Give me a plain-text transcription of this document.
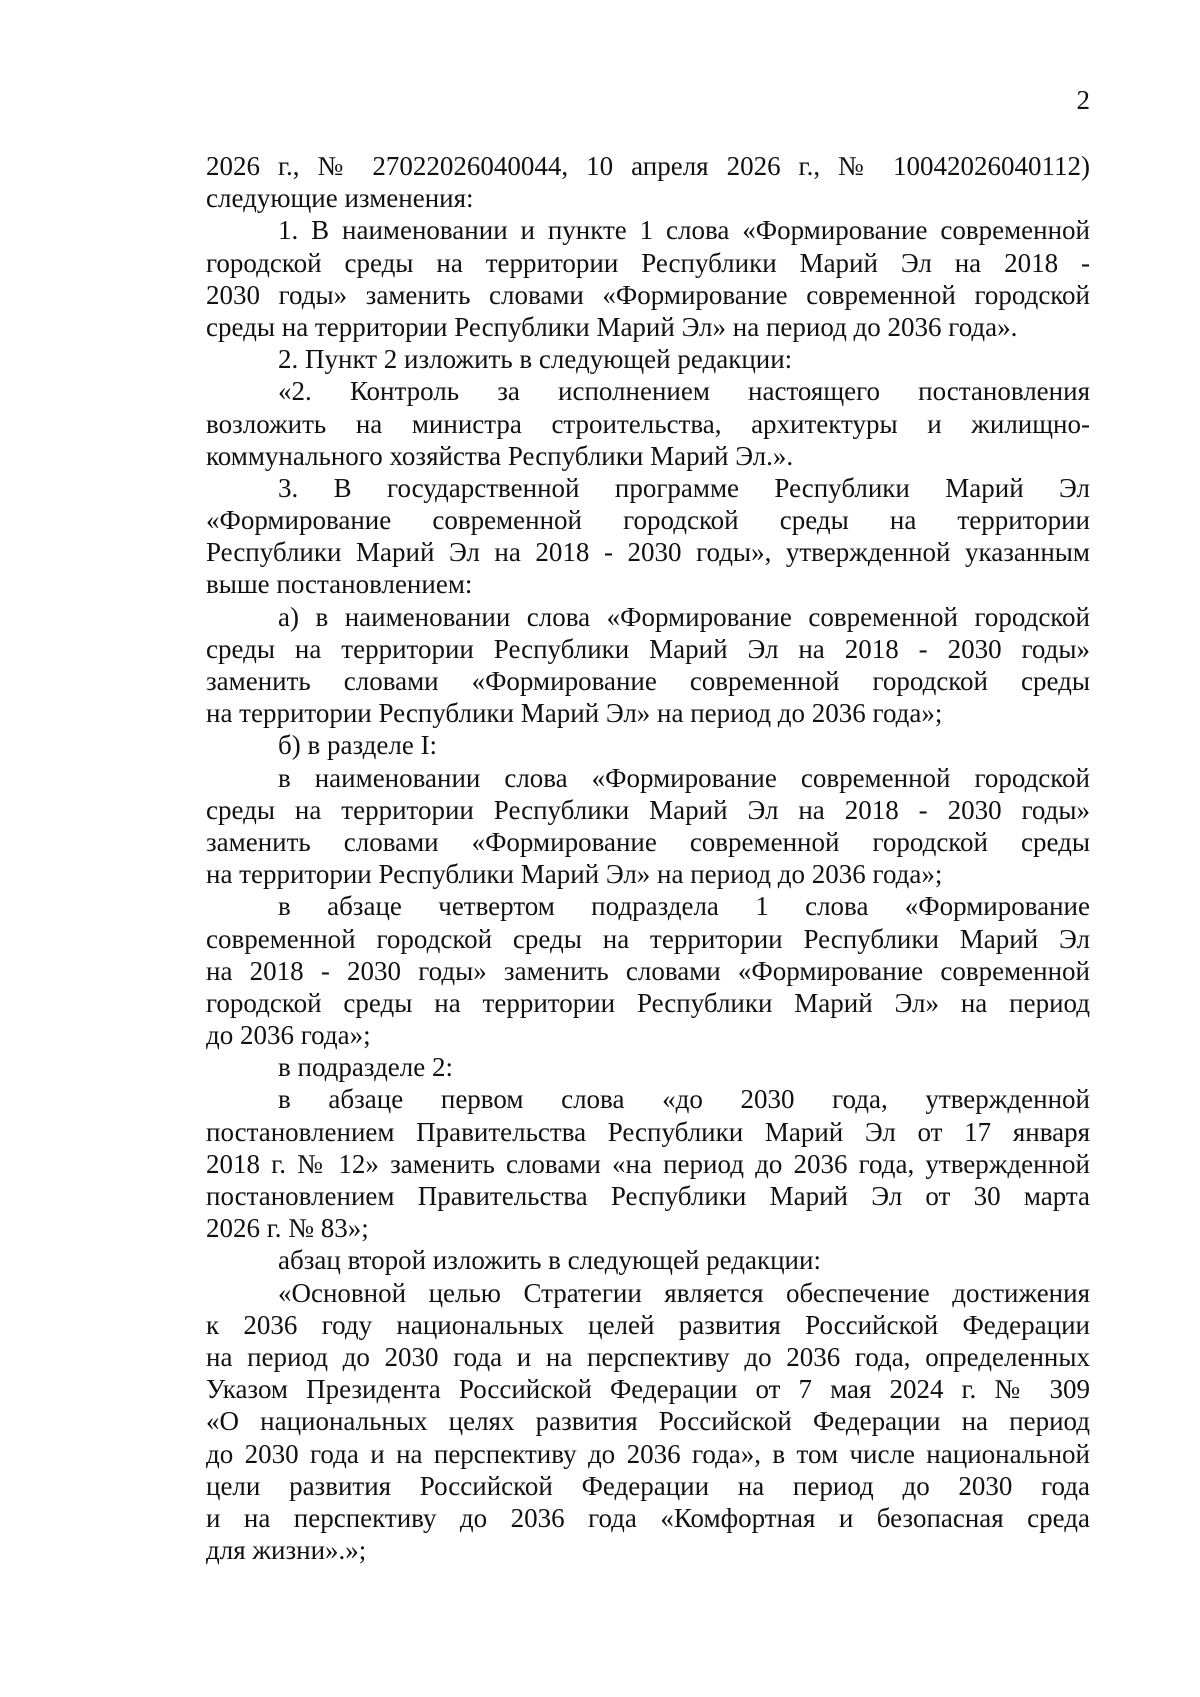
2
2026 г., № 27022026040044, 10 апреля 2026 г., № 10042026040112)
следующие изменения:
1. В наименовании и пункте 1 слова «Формирование современной
городской среды на территории Республики Марий Эл на 2018 -
2030 годы» заменить словами «Формирование современной городской
среды на территории Республики Марий Эл» на период до 2036 года».
2. Пункт 2 изложить в следующей редакции:
«2. Контроль за исполнением настоящего постановления
возложить на министра строительства, архитектуры и жилищно-
коммунального хозяйства Республики Марий Эл.».
3. В государственной программе Республики Марий Эл
«Формирование современной городской среды на территории
Республики Марий Эл на 2018 - 2030 годы», утвержденной указанным
выше постановлением:
а) в наименовании слова «Формирование современной городской
среды на территории Республики Марий Эл на 2018 - 2030 годы»
заменить словами «Формирование современной городской среды
на территории Республики Марий Эл» на период до 2036 года»;
б) в разделе I:
в наименовании слова «Формирование современной городской
среды на территории Республики Марий Эл на 2018 - 2030 годы»
заменить словами «Формирование современной городской среды
на территории Республики Марий Эл» на период до 2036 года»;
в абзаце четвертом подраздела 1 слова «Формирование
современной городской среды на территории Республики Марий Эл
на 2018 - 2030 годы» заменить словами «Формирование современной
городской среды на территории Республики Марий Эл» на период
до 2036 года»;
в подразделе 2:
в абзаце первом слова «до 2030 года, утвержденной
постановлением Правительства Республики Марий Эл от 17 января
2018 г. № 12» заменить словами «на период до 2036 года, утвержденной
постановлением Правительства Республики Марий Эл от 30 марта
2026 г. № 83»;
абзац второй изложить в следующей редакции:
«Основной целью Стратегии является обеспечение достижения
к 2036 году национальных целей развития Российской Федерации
на период до 2030 года и на перспективу до 2036 года, определенных
Указом Президента Российской Федерации от 7 мая 2024 г. № 309
«О национальных целях развития Российской Федерации на период
до 2030 года и на перспективу до 2036 года», в том числе национальной
цели развития Российской Федерации на период до 2030 года
и на перспективу до 2036 года «Комфортная и безопасная среда
для жизни».»;
